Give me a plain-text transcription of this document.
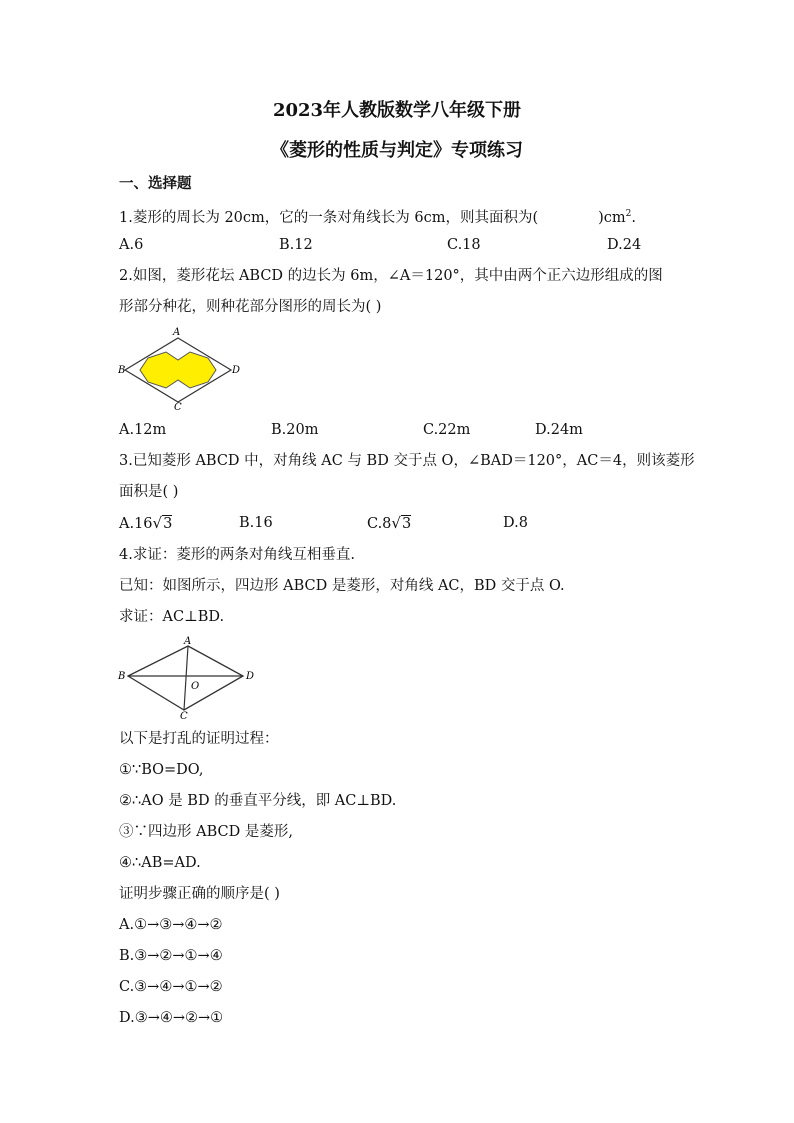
2023年人教版数学八年级下册
《菱形的性质与判定》专项练习
一、选择题
1.菱形的周长为 20cm，它的一条对角线长为 6cm，则其面积为(	)$cm^2$.
A.6	B.12	C.18	D.24
2.如图，菱形花坛 ABCD 的边长为 6m，∠A＝120°，其中由两个正六边形组成的图
形部分种花，则种花部分图形的周长为( )
A
B	D
C
A.12m	B.20m	C.22m	D.24m
3.已知菱形 ABCD 中，对角线 AC 与 BD 交于点 O，∠BAD＝120°，AC＝4，则该菱形
面积是( )
A.16√3	B.16	C.8√3	D.8
4.求证：菱形的两条对角线互相垂直.
已知：如图所示，四边形 ABCD 是菱形，对角线 AC，BD 交于点 O.
求证：AC⊥BD.
A
B	D
O
C
以下是打乱的证明过程：
①∵BO=DO,
②∴AO 是 BD 的垂直平分线，即 AC⊥BD.
③∵四边形 ABCD 是菱形,
④∴AB=AD.
证明步骤正确的顺序是( )
A.①→③→④→②
B.③→②→①→④
C.③→④→①→②
D.③→④→②→①
